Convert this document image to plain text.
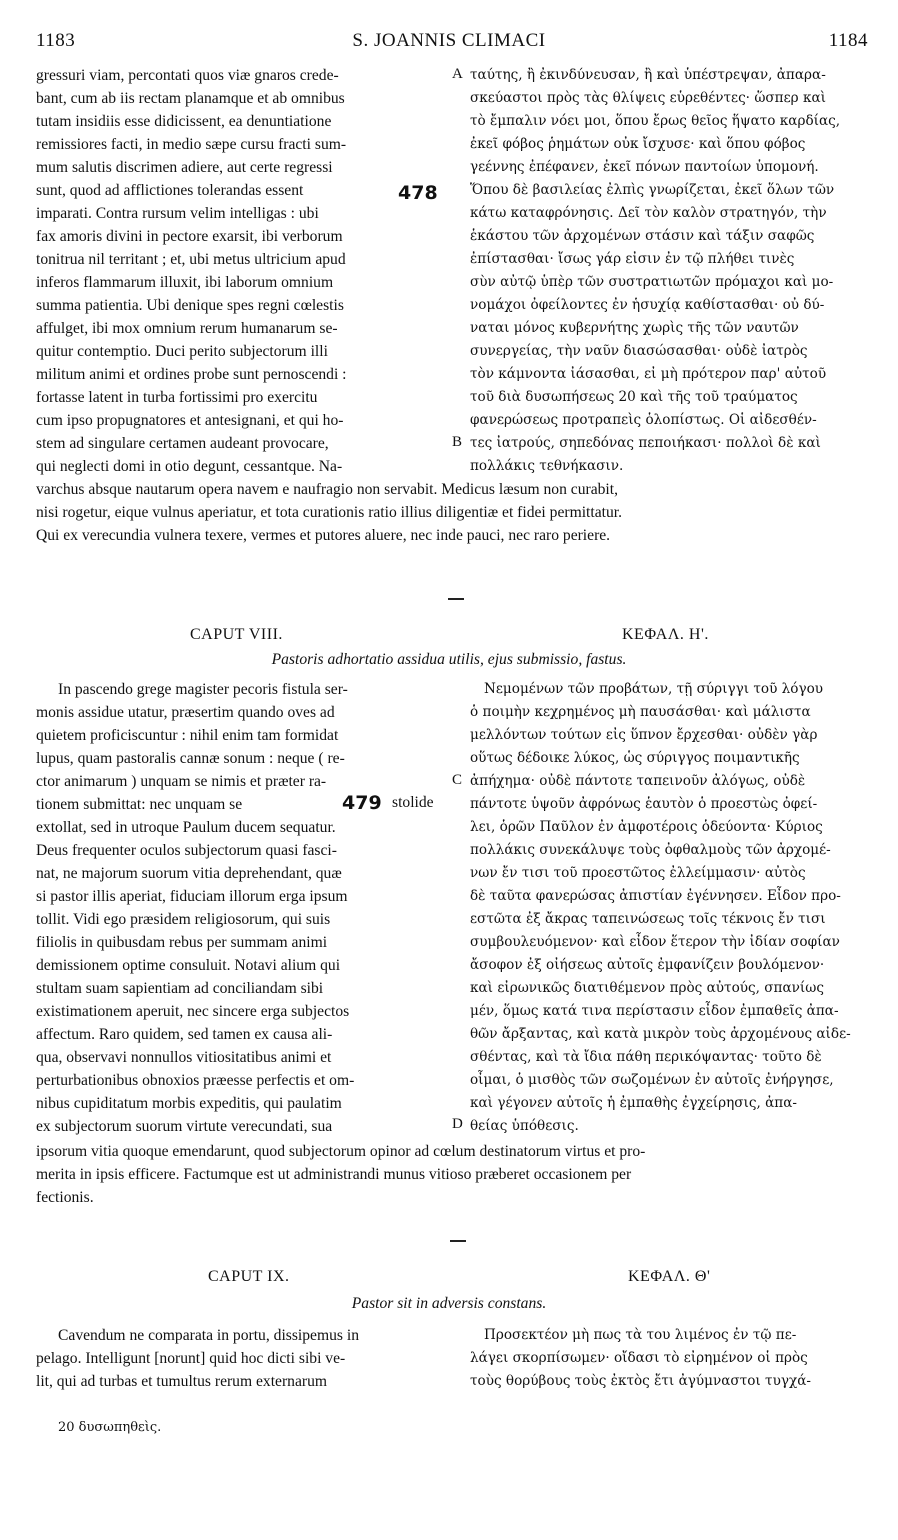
1183	S. JOANNIS CLIMACI	1184
gressuri viam, percontati quos viæ gnaros crede-
bant, cum ab iis rectam planamque et ab omnibus
tutam insidiis esse didicissent, ea denuntiatione
remissiores facti, in medio sæpe cursu fracti sum-
mum salutis discrimen adiere, aut certe regressi
sunt, quod ad afflictiones tolerandas essent
imparati. Contra rursum velim intelligas : ubi
fax amoris divini in pectore exarsit, ibi verborum
tonitrua nil territant ; et, ubi metus ultricium apud
inferos flammarum illuxit, ibi laborum omnium
summa patientia. Ubi denique spes regni cœlestis
affulget, ibi mox omnium rerum humanarum se-
quitur contemptio. Duci perito subjectorum illi
militum animi et ordines probe sunt pernoscendi :
fortasse latent in turba fortissimi pro exercitu
cum ipso propugnatores et antesignani, et qui ho-
stem ad singulare certamen audeant provocare,
qui neglecti domi in otio degunt, cessantque. Na-
478
A
B
ταύτης, ἢ ἐκινδύνευσαν, ἢ καὶ ὑπέστρεψαν, ἀπαρα-
σκεύαστοι πρὸς τὰς θλίψεις εὑρεθέντες· ὥσπερ καὶ
τὸ ἔμπαλιν νόει μοι, ὅπου ἔρως θεῖος ἥψατο καρδίας,
ἐκεῖ φόβος ῥημάτων οὐκ ἴσχυσε· καὶ ὅπου φόβος
γεέννης ἐπέφανεν, ἐκεῖ πόνων παντοίων ὑπομονή.
Ὅπου δὲ βασιλείας ἐλπὶς γνωρίζεται, ἐκεῖ ὅλων τῶν
κάτω καταφρόνησις. Δεῖ τὸν καλὸν στρατηγόν, τὴν
ἑκάστου τῶν ἀρχομένων στάσιν καὶ τάξιν σαφῶς
ἐπίστασθαι· ἴσως γάρ εἰσιν ἐν τῷ πλήθει τινὲς
σὺν αὐτῷ ὑπὲρ τῶν συστρατιωτῶν πρόμαχοι καὶ μο-
νομάχοι ὀφείλοντες ἐν ἡσυχίᾳ καθίστασθαι· οὐ δύ-
ναται μόνος κυβερνήτης χωρὶς τῆς τῶν ναυτῶν
συνεργείας, τὴν ναῦν διασώσασθαι· οὐδὲ ἰατρὸς
τὸν κάμνοντα ἰάσασθαι, εἰ μὴ πρότερον παρ' αὐτοῦ
τοῦ διὰ δυσωπήσεως 20 καὶ τῆς τοῦ τραύματος
φανερώσεως προτραπεὶς ὁλοπίστως. Οἱ αἰδεσθέν-
τες ἰατρούς, σηπεδόνας πεποιήκασι· πολλοὶ δὲ καὶ
πολλάκις τεθνήκασιν.
varchus absque nautarum opera navem e naufragio non servabit. Medicus læsum non curabit,
nisi rogetur, eique vulnus aperiatur, et tota curationis ratio illius diligentiæ et fidei permittatur.
Qui ex verecundia vulnera texere, vermes et putores aluere, nec inde pauci, nec raro periere.
CAPUT VIII.	ΚΕΦΑΛ. Η'.
Pastoris adhortatio assidua utilis, ejus submissio, fastus.
In pascendo grege magister pecoris fistula ser-
monis assidue utatur, præsertim quando oves ad
quietem proficiscuntur : nihil enim tam formidat
lupus, quam pastoralis cannæ sonum : neque ( re-
ctor animarum ) unquam se nimis et præter ra-
tionem submittat: nec unquam se
extollat, sed in utroque Paulum ducem sequatur.
Deus frequenter oculos subjectorum quasi fasci-
nat, ne majorum suorum vitia deprehendant, quæ
si pastor illis aperiat, fiduciam illorum erga ipsum
tollit. Vidi ego præsidem religiosorum, qui suis
filiolis in quibusdam rebus per summam animi
demissionem optime consuluit. Notavi alium qui
stultam suam sapientiam ad conciliandam sibi
existimationem aperuit, nec sincere erga subjectos
affectum. Raro quidem, sed tamen ex causa ali-
qua, observavi nonnullos vitiositatibus animi et
perturbationibus obnoxios præesse perfectis et om-
nibus cupiditatum morbis expeditis, qui paulatim
ex subjectorum suorum virtute verecundati, sua
479 stolide
C
D
Νεμομένων τῶν προβάτων, τῇ σύριγγι τοῦ λόγου
ὁ ποιμὴν κεχρημένος μὴ παυσάσθαι· καὶ μάλιστα
μελλόντων τούτων εἰς ὕπνον ἔρχεσθαι· οὐδὲν γὰρ
οὕτως δέδοικε λύκος, ὡς σύριγγος ποιμαντικῆς
ἀπήχημα· οὐδὲ πάντοτε ταπεινοῦν ἀλόγως, οὐδὲ
πάντοτε ὑψοῦν ἀφρόνως ἑαυτὸν ὁ προεστὼς ὀφεί-
λει, ὁρῶν Παῦλον ἐν ἀμφοτέροις ὁδεύοντα· Κύριος
πολλάκις συνεκάλυψε τοὺς ὀφθαλμοὺς τῶν ἀρχομέ-
νων ἔν τισι τοῦ προεστῶτος ἐλλείμμασιν· αὐτὸς
δὲ ταῦτα φανερώσας ἀπιστίαν ἐγέννησεν. Εἶδον προ-
εστῶτα ἐξ ἄκρας ταπεινώσεως τοῖς τέκνοις ἔν τισι
συμβουλευόμενον· καὶ εἶδον ἕτερον τὴν ἰδίαν σοφίαν
ἄσοφον ἐξ οἰήσεως αὐτοῖς ἐμφανίζειν βουλόμενον·
καὶ εἰρωνικῶς διατιθέμενον πρὸς αὐτούς, σπανίως
μέν, ὅμως κατά τινα περίστασιν εἶδον ἐμπαθεῖς ἀπα-
θῶν ἄρξαντας, καὶ κατὰ μικρὸν τοὺς ἀρχομένους αἰδε-
σθέντας, καὶ τὰ ἴδια πάθη περικόψαντας· τοῦτο δὲ
οἶμαι, ὁ μισθὸς τῶν σωζομένων ἐν αὐτοῖς ἐνήργησε,
καὶ γέγονεν αὐτοῖς ἡ ἐμπαθὴς ἐγχείρησις, ἀπα-
θείας ὑπόθεσις.
ipsorum vitia quoque emendarunt, quod subjectorum opinor ad cœlum destinatorum virtus et pro-
merita in ipsis efficere. Factumque est ut administrandi munus vitioso præberet occasionem per
fectionis.
CAPUT IX.	ΚΕΦΑΛ. Θ'
Pastor sit in adversis constans.
Cavendum ne comparata in portu, dissipemus in
pelago. Intelligunt [norunt] quid hoc dicti sibi ve-
lit, qui ad turbas et tumultus rerum externarum
Προσεκτέον μὴ πως τὰ του λιμένος ἐν τῷ πε-
λάγει σκορπίσωμεν· οἴδασι τὸ εἰρημένον οἱ πρὸς
τοὺς θορύβους τοὺς ἐκτὸς ἔτι ἀγύμναστοι τυγχά-
20 δυσωπηθεὶς.
